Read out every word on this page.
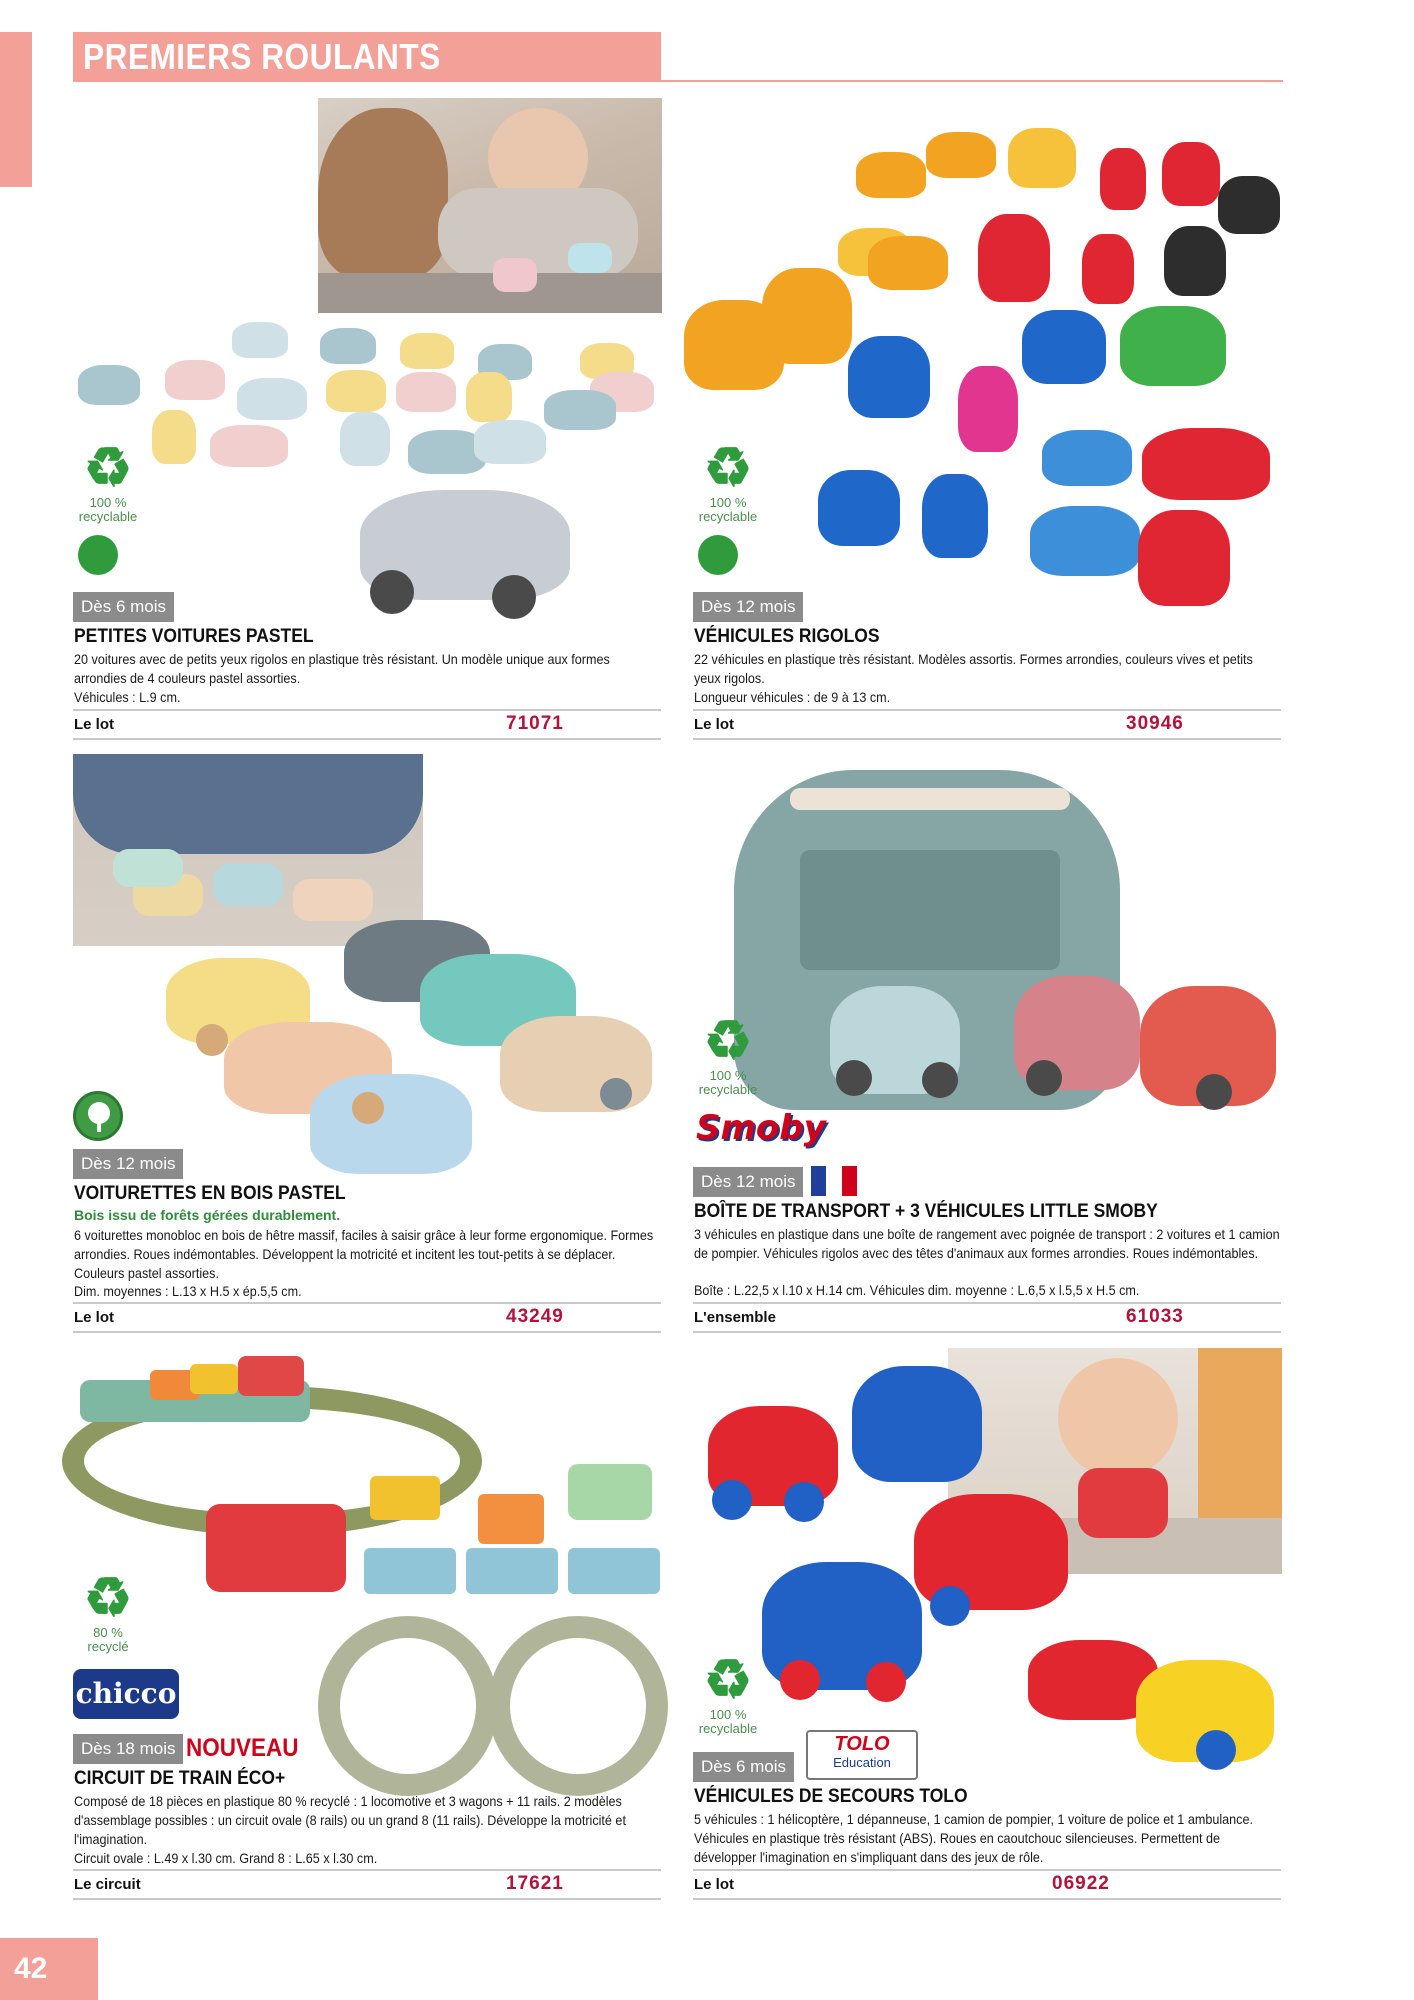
PREMIERS ROULANTS
♻
100 %
recyclable
Dès 6 mois
PETITES VOITURES PASTEL
20 voitures avec de petits yeux rigolos en plastique très résistant. Un modèle unique aux formes arrondies de 4 couleurs pastel assorties.
Véhicules : L.9 cm.
Le lot	71071
♻
100 %
recyclable
Dès 12 mois
VÉHICULES RIGOLOS
22 véhicules en plastique très résistant. Modèles assortis. Formes arrondies, couleurs vives et petits yeux rigolos.
Longueur véhicules : de 9 à 13 cm.
Le lot	30946
Dès 12 mois
VOITURETTES EN BOIS PASTEL
Bois issu de forêts gérées durablement.
6 voiturettes monobloc en bois de hêtre massif, faciles à saisir grâce à leur forme ergonomique. Formes arrondies. Roues indémontables. Développent la motricité et incitent les tout-petits à se déplacer. Couleurs pastel assorties.
Dim. moyennes : L.13 x H.5 x ép.5,5 cm.
Le lot	43249
♻
100 %
recyclable
Smoby
Dès 12 mois
BOÎTE DE TRANSPORT + 3 VÉHICULES LITTLE SMOBY
3 véhicules en plastique dans une boîte de rangement avec poignée de transport : 2 voitures et 1 camion de pompier. Véhicules rigolos avec des têtes d'animaux aux formes arrondies. Roues indémontables.
Boîte : L.22,5 x l.10 x H.14 cm. Véhicules dim. moyenne : L.6,5 x l.5,5 x H.5 cm.
L'ensemble	61033
♻
80 %
recyclé
chicco
Dès 18 mois NOUVEAU
CIRCUIT DE TRAIN ÉCO+
Composé de 18 pièces en plastique 80 % recyclé : 1 locomotive et 3 wagons + 11 rails. 2 modèles d'assemblage possibles : un circuit ovale (8 rails) ou un grand 8 (11 rails). Développe la motricité et l'imagination.
Circuit ovale : L.49 x l.30 cm. Grand 8 : L.65 x l.30 cm.
Le circuit	17621
♻
100 %
recyclable
Dès 6 mois
TOLO
Education
VÉHICULES DE SECOURS TOLO
5 véhicules : 1 hélicoptère, 1 dépanneuse, 1 camion de pompier, 1 voiture de police et 1 ambulance. Véhicules en plastique très résistant (ABS). Roues en caoutchouc silencieuses. Permettent de développer l'imagination en s'impliquant dans des jeux de rôle.
Le lot	06922
42
